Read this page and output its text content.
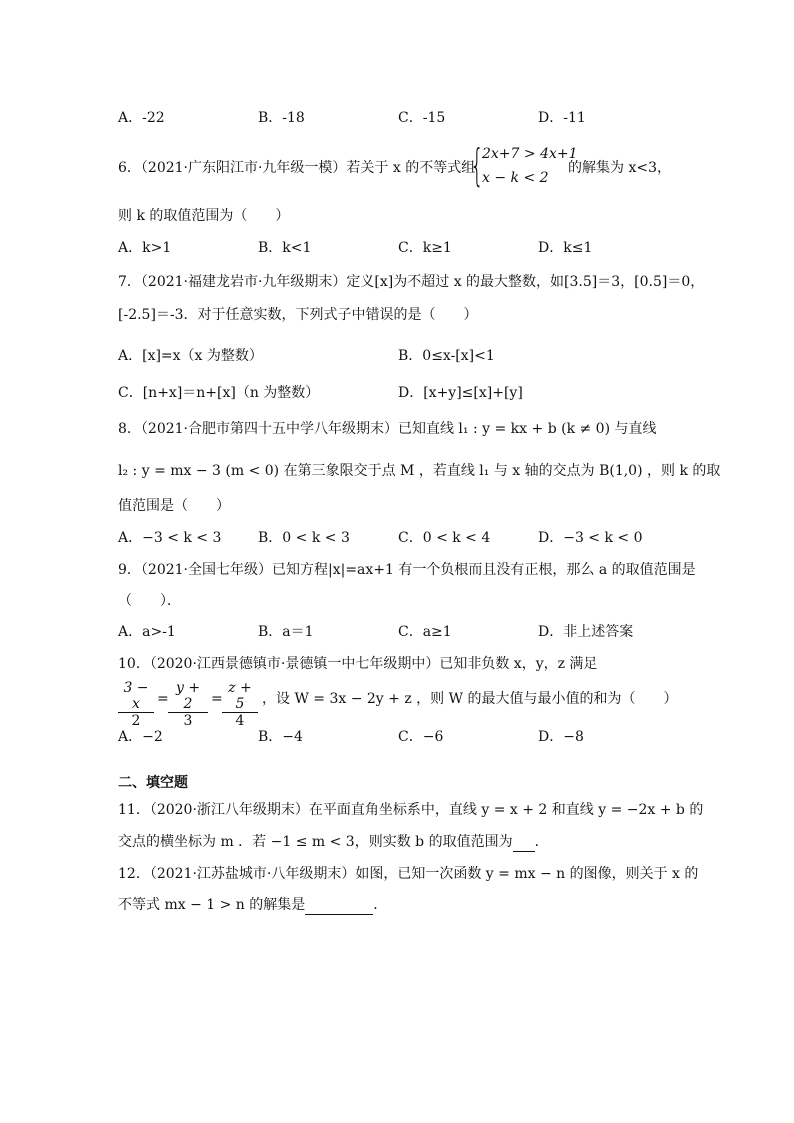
A．-22	B．-18	C．-15	D．-11
6．（2021·广东阳江市·九年级一模）若关于 x 的不等式组
{
2x+7 > 4x+1
x − k < 2
的解集为 x<3，
则 k 的取值范围为（　　）
A．k>1	B．k<1	C．k≥1	D．k≤1
7．（2021·福建龙岩市·九年级期末）定义[x]为不超过 x 的最大整数，如[3.5]＝3，[0.5]＝0，
[-2.5]＝-3．对于任意实数，下列式子中错误的是（　　）
A．[x]=x（x 为整数）	B．0≤x-[x]<1
C．[n+x]＝n+[x]（n 为整数）	D．[x+y]≤[x]+[y]
8．（2021·合肥市第四十五中学八年级期末）已知直线 l₁ : y = kx + b (k ≠ 0) 与直线
l₂ : y = mx − 3 (m < 0) 在第三象限交于点 M ，若直线 l₁ 与 x 轴的交点为 B(1,0) ，则 k 的取
值范围是（　　）
A．−3 < k < 3	B．0 < k < 3	C．0 < k < 4	D．−3 < k < 0
9．（2021·全国七年级）已知方程|x|=ax+1 有一个负根而且没有正根，那么 a 的取值范围是
（　　）．
A．a>-1	B．a＝1	C．a≥1	D．非上述答案
10．（2020·江西景德镇市·景德镇一中七年级期中）已知非负数 x，y，z 满足
$\frac{3 - x}{2} = \frac{y + 2}{3} = \frac{z + 5}{4}$ ，设 W = 3x − 2y + z ，则 W 的最大值与最小值的和为（　　）
A．−2	B．−4	C．−6	D．−8
二、填空题
11．（2020·浙江八年级期末）在平面直角坐标系中，直线 y = x + 2 和直线 y = −2x + b 的
交点的横坐标为 m ．若 −1 ≤ m < 3，则实数 b 的取值范围为 ．
12．（2021·江苏盐城市·八年级期末）如图，已知一次函数 y = mx − n 的图像，则关于 x 的
不等式 mx − 1 > n 的解集是	．
